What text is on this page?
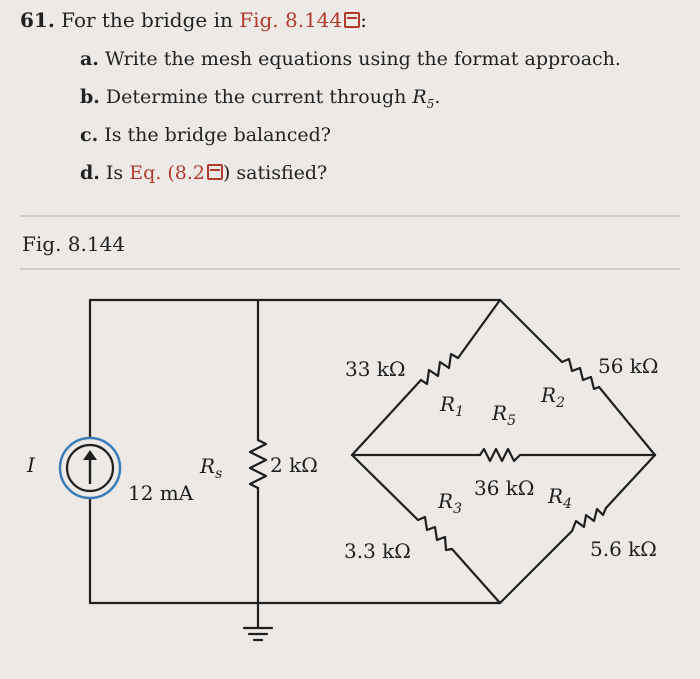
61. For the bridge in Fig. 8.144 :
a. Write the mesh equations using the format approach.
b. Determine the current through $R_5$.
c. Is the bridge balanced?
d. Is Eq. (8.2 ) satisfied?
Fig. 8.144
I
12 mA
$R_s$ 2 kΩ
33 kΩ
$R_1$
56 kΩ
$R_2$
$R_5$
36 kΩ
$R_3$
3.3 kΩ
$R_4$
5.6 kΩ
